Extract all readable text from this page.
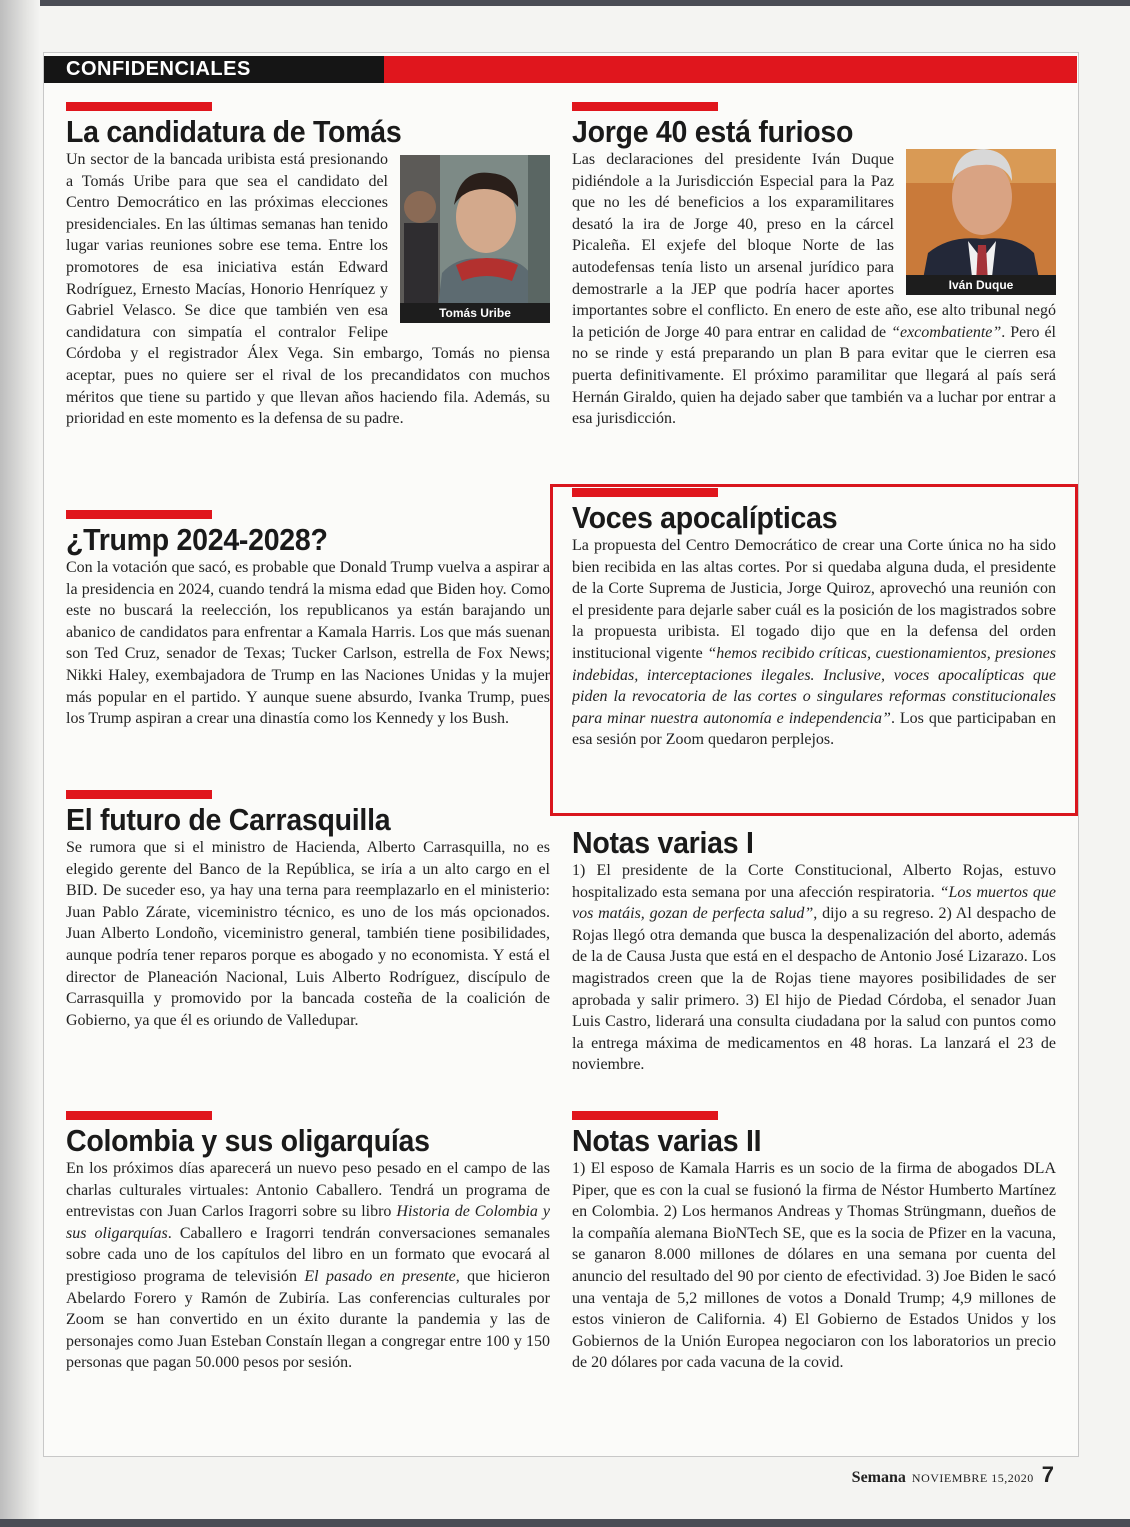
CONFIDENCIALES
La candidatura de Tomás
Tomás Uribe
Un sector de la bancada uribista está presionando a Tomás Uribe para que sea el candidato del Centro Democrático en las próximas elecciones presidenciales. En las últimas semanas han tenido lugar varias reuniones sobre ese tema. Entre los promotores de esa iniciativa están Edward Rodríguez, Ernesto Macías, Honorio Henríquez y Gabriel Velasco. Se dice que también ven esa candidatura con simpatía el contralor Felipe Córdoba y el registrador Álex Vega. Sin embargo, Tomás no piensa aceptar, pues no quiere ser el rival de los precandidatos con muchos méritos que tiene su partido y que llevan años haciendo fila. Además, su prioridad en este momento es la defensa de su padre.
Jorge 40 está furioso
Iván Duque
Las declaraciones del presidente Iván Duque pidiéndole a la Jurisdicción Especial para la Paz que no les dé beneficios a los exparamilitares desató la ira de Jorge 40, preso en la cárcel Picaleña. El exjefe del bloque Norte de las autodefensas tenía listo un arsenal jurídico para demostrarle a la JEP que podría hacer aportes importantes sobre el conflicto. En enero de este año, ese alto tribunal negó la petición de Jorge 40 para entrar en calidad de “excombatiente”. Pero él no se rinde y está preparando un plan B para evitar que le cierren esa puerta definitivamente. El próximo paramilitar que llegará al país será Hernán Giraldo, quien ha dejado saber que también va a luchar por entrar a esa jurisdicción.
¿Trump 2024-2028?
Con la votación que sacó, es probable que Donald Trump vuelva a aspirar a la presidencia en 2024, cuando tendrá la misma edad que Biden hoy. Como este no buscará la reelección, los republicanos ya están barajando un abanico de candidatos para enfrentar a Kamala Harris. Los que más suenan son Ted Cruz, senador de Texas; Tucker Carlson, estrella de Fox News; Nikki Haley, exembajadora de Trump en las Naciones Unidas y la mujer más popular en el partido. Y aunque suene absurdo, Ivanka Trump, pues los Trump aspiran a crear una dinastía como los Kennedy y los Bush.
Voces apocalípticas
La propuesta del Centro Democrático de crear una Corte única no ha sido bien recibida en las altas cortes. Por si quedaba alguna duda, el presidente de la Corte Suprema de Justicia, Jorge Quiroz, aprovechó una reunión con el presidente para dejarle saber cuál es la posición de los magistrados sobre la propuesta uribista. El togado dijo que en la defensa del orden institucional vigente “hemos recibido críticas, cuestionamientos, presiones indebidas, interceptaciones ilegales. Inclusive, voces apocalípticas que piden la revocatoria de las cortes o singulares reformas constitucionales para minar nuestra autonomía e independencia”. Los que participaban en esa sesión por Zoom quedaron perplejos.
El futuro de Carrasquilla
Se rumora que si el ministro de Hacienda, Alberto Carrasquilla, no es elegido gerente del Banco de la República, se iría a un alto cargo en el BID. De suceder eso, ya hay una terna para reemplazarlo en el ministerio: Juan Pablo Zárate, viceministro técnico, es uno de los más opcionados. Juan Alberto Londoño, viceministro general, también tiene posibilidades, aunque podría tener reparos porque es abogado y no economista. Y está el director de Planeación Nacional, Luis Alberto Rodríguez, discípulo de Carrasquilla y promovido por la bancada costeña de la coalición de Gobierno, ya que él es oriundo de Valledupar.
Notas varias I
1) El presidente de la Corte Constitucional, Alberto Rojas, estuvo hospitalizado esta semana por una afección respiratoria. “Los muertos que vos matáis, gozan de perfecta salud”, dijo a su regreso. 2) Al despacho de Rojas llegó otra demanda que busca la despenalización del aborto, además de la de Causa Justa que está en el despacho de Antonio José Lizarazo. Los magistrados creen que la de Rojas tiene mayores posibilidades de ser aprobada y salir primero. 3) El hijo de Piedad Córdoba, el senador Juan Luis Castro, liderará una consulta ciudadana por la salud con puntos como la entrega máxima de medicamentos en 48 horas. La lanzará el 23 de noviembre.
Colombia y sus oligarquías
En los próximos días aparecerá un nuevo peso pesado en el campo de las charlas culturales virtuales: Antonio Caballero. Tendrá un programa de entrevistas con Juan Carlos Iragorri sobre su libro Historia de Colombia y sus oligarquías. Caballero e Iragorri tendrán conversaciones semanales sobre cada uno de los capítulos del libro en un formato que evocará al prestigioso programa de televisión El pasado en presente, que hicieron Abelardo Forero y Ramón de Zubiría. Las conferencias culturales por Zoom se han convertido en un éxito durante la pandemia y las de personajes como Juan Esteban Constaín llegan a congregar entre 100 y 150 personas que pagan 50.000 pesos por sesión.
Notas varias II
1) El esposo de Kamala Harris es un socio de la firma de abogados DLA Piper, que es con la cual se fusionó la firma de Néstor Humberto Martínez en Colombia. 2) Los hermanos Andreas y Thomas Strüngmann, dueños de la compañía alemana BioNTech SE, que es la socia de Pfizer en la vacuna, se ganaron 8.000 millones de dólares en una semana por cuenta del anuncio del resultado del 90 por ciento de efectividad. 3) Joe Biden le sacó una ventaja de 5,2 millones de votos a Donald Trump; 4,9 millones de estos vinieron de California. 4) El Gobierno de Estados Unidos y los Gobiernos de la Unión Europea negociaron con los laboratorios un precio de 20 dólares por cada vacuna de la covid.
Semana NOVIEMBRE 15,2020 7
